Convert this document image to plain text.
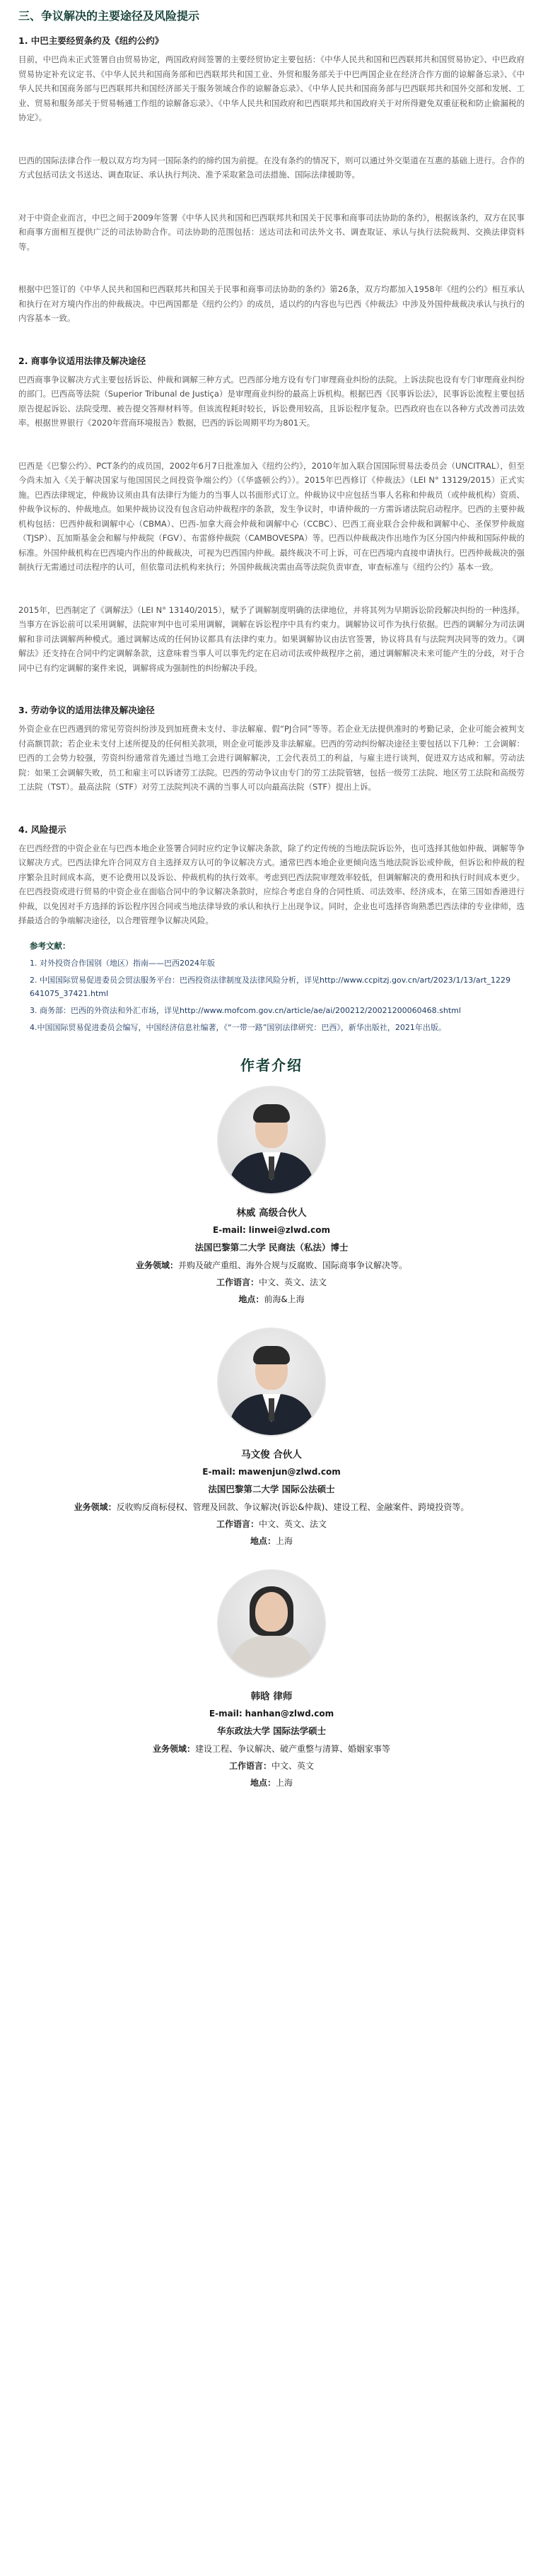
三、争议解决的主要途径及风险提示
1. 中巴主要经贸条约及《纽约公约》

目前，中巴尚未正式签署自由贸易协定，两国政府间签署的主要经贸协定主要包括：《中华人民共和国和巴西联邦共和国贸易协定》、中巴政府贸易协定补充议定书、《中华人民共和国商务部和巴西联邦共和国工业、外贸和服务部关于中巴两国企业在经济合作方面的谅解备忘录》、《中华人民共和国商务部与巴西联邦共和国经济部关于服务领域合作的谅解备忘录》、《中华人民共和国商务部与巴西联邦共和国外交部和发展、工业、贸易和服务部关于贸易畅通工作组的谅解备忘录》、《中华人民共和国政府和巴西联邦共和国政府关于对所得避免双重征税和防止偷漏税的协定》。

巴西的国际法律合作一般以双方均为同一国际条约的缔约国为前提。在没有条约的情况下，则可以通过外交渠道在互惠的基础上进行。合作的方式包括司法文书送达、调查取证、承认执行判决、准予采取紧急司法措施、国际法律援助等。

对于中资企业而言，中巴之间于2009年签署《中华人民共和国和巴西联邦共和国关于民事和商事司法协助的条约》，根据该条约，双方在民事和商事方面相互提供广泛的司法协助合作。司法协助的范围包括：送达司法和司法外文书、调查取证、承认与执行法院裁判、交换法律资料等。

根据中巴签订的《中华人民共和国和巴西联邦共和国关于民事和商事司法协助的条约》第26条，双方均都加入1958年《纽约公约》相互承认和执行在对方境内作出的仲裁裁决。中巴两国都是《纽约公约》的成员，适以约的内容也与巴西《仲裁法》中涉及外国仲裁裁决承认与执行的内容基本一致。

2. 商事争议适用法律及解决途径

巴西商事争议解决方式主要包括诉讼、仲裁和调解三种方式。巴西部分地方设有专门审理商业纠纷的法院。上诉法院也设有专门审理商业纠纷的部门。巴西高等法院（Superior Tribunal de Justiça）是审理商业纠纷的最高上诉机构。根据巴西《民事诉讼法》，民事诉讼流程主要包括原告提起诉讼、法院受理、被告提交答辩材料等。但该流程耗时较长，诉讼费用较高，且诉讼程序复杂。巴西政府也在以各种方式改善司法效率。根据世界银行《2020年营商环境报告》数据，巴西的诉讼周期平均为801天。

巴西是《巴黎公约》、PCT条约的成员国，2002年6月7日批准加入《纽约公约》，2010年加入联合国国际贸易法委员会（UNCITRAL），但至今尚未加入《关于解决国家与他国国民之间投资争端公约》（《华盛顿公约》）。2015年巴西修订《仲裁法》（LEI N° 13129/2015）正式实施。巴西法律规定，仲裁协议须由具有法律行为能力的当事人以书面形式订立。仲裁协议中应包括当事人名称和仲裁员（或仲裁机构）资质、仲裁争议标的、仲裁地点。如果仲裁协议没有包含启动仲裁程序的条款，发生争议时，申请仲裁的一方需诉诸法院启动程序。巴西的主要仲裁机构包括：巴西仲裁和调解中心（CBMA）、巴西-加拿大商会仲裁和调解中心（CCBC）、巴西工商业联合会仲裁和调解中心、圣保罗仲裁庭（TJSP）、瓦加斯基金会和解与仲裁院（FGV）、布雷修仲裁院（CAMBOVESPA）等。巴西以仲裁裁决作出地作为区分国内仲裁和国际仲裁的标准。外国仲裁机构在巴西境内作出的仲裁裁决，可视为巴西国内仲裁。最终裁决不可上诉，可在巴西境内直接申请执行。巴西仲裁裁决的强制执行无需通过司法程序的认可，但依靠司法机构来执行；外国仲裁裁决需由高等法院负责审查，审查标准与《纽约公约》基本一致。

2015年，巴西制定了《调解法》（LEI N° 13140/2015），赋予了调解制度明确的法律地位，并将其列为早期诉讼阶段解决纠纷的一种选择。当事方在诉讼前可以采用调解，法院审判中也可采用调解，调解在诉讼程序中具有约束力。调解协议可作为执行依据。巴西的调解分为司法调解和非司法调解两种模式。通过调解达成的任何协议都具有法律约束力。如果调解协议由法官签署，协议将具有与法院判决同等的效力。《调解法》还支持在合同中约定调解条款，这意味着当事人可以事先约定在启动司法或仲裁程序之前，通过调解解决未来可能产生的分歧，对于合同中已有约定调解的案件来说，调解将成为强制性的纠纷解决手段。

3. 劳动争议的适用法律及解决途径

外资企业在巴西遇到的常见劳资纠纷涉及到加班费未支付、非法解雇、假“PJ合同”等等。若企业无法提供准时的考勤记录，企业可能会被判支付高额罚款；若企业未支付上述所提及的任何相关款项，则企业可能涉及非法解雇。巴西的劳动纠纷解决途径主要包括以下几种：工会调解：巴西的工会势力较强，劳资纠纷通常首先通过当地工会进行调解解决，工会代表员工的利益，与雇主进行谈判，促进双方达成和解。劳动法院：如果工会调解失败，员工和雇主可以诉诸劳工法院。巴西的劳动争议由专门的劳工法院管辖，包括一级劳工法院、地区劳工法院和高级劳工法院（TST）。最高法院（STF）对劳工法院判决不满的当事人可以向最高法院（STF）提出上诉。

4. 风险提示

在巴西经营的中资企业在与巴西本地企业签署合同时应约定争议解决条款，除了约定传统的当地法院诉讼外，也可选择其他如仲裁、调解等争议解决方式。巴西法律允许合同双方自主选择双方认可的争议解决方式。通常巴西本地企业更倾向选当地法院诉讼或仲裁，但诉讼和仲裁的程序繁杂且时间成本高，更不论费用以及诉讼、仲裁机构的执行效率。考虑到巴西法院审理效率较低，但调解解决的费用和执行时间成本更少。在巴西投资或进行贸易的中资企业在面临合同中的争议解决条款时，应综合考虑自身的合同性质、司法效率、经济成本，在第三国如香港进行仲裁，以免因对手方选择的诉讼程序因合同或当地法律导致的承认和执行上出现争议。同时，企业也可选择咨询熟悉巴西法律的专业律师，选择最适合的争端解决途径，以合理管理争议解决风险。

参考文献：
1. 对外投资合作国别（地区）指南——巴西2024年版
2. 中国国际贸易促进委员会贸法服务平台：巴西投资法律制度及法律风险分析，详见http://www.ccpitzj.gov.cn/art/2023/1/13/art_1229641075_37421.html
3. 商务部：巴西的外资法和外汇市场，详见http://www.mofcom.gov.cn/article/ae/ai/200212/20021200060468.shtml
4.中国国际贸易促进委员会编写，中国经济信息社编著，《“一带一路”国别法律研究：巴西》，新华出版社，2021年出版。
作者介绍
林威 高级合伙人
E-mail: linwei@zlwd.com
法国巴黎第二大学 民商法（私法）博士
业务领域：并购及破产重组、海外合规与反腐败、国际商事争议解决等。
工作语言：中文、英文、法文
地点：前海&上海
马文俊 合伙人
E-mail: mawenjun@zlwd.com
法国巴黎第二大学 国际公法硕士
业务领域：反收购反商标侵权、管理及回款、争议解决(诉讼&仲裁)、建设工程、金融案件、跨境投资等。
工作语言：中文、英文、法文
地点：上海
韩晗 律师
E-mail: hanhan@zlwd.com
华东政法大学 国际法学硕士
业务领域：建设工程、争议解决、破产重整与清算、婚姻家事等
工作语言：中文、英文
地点：上海
